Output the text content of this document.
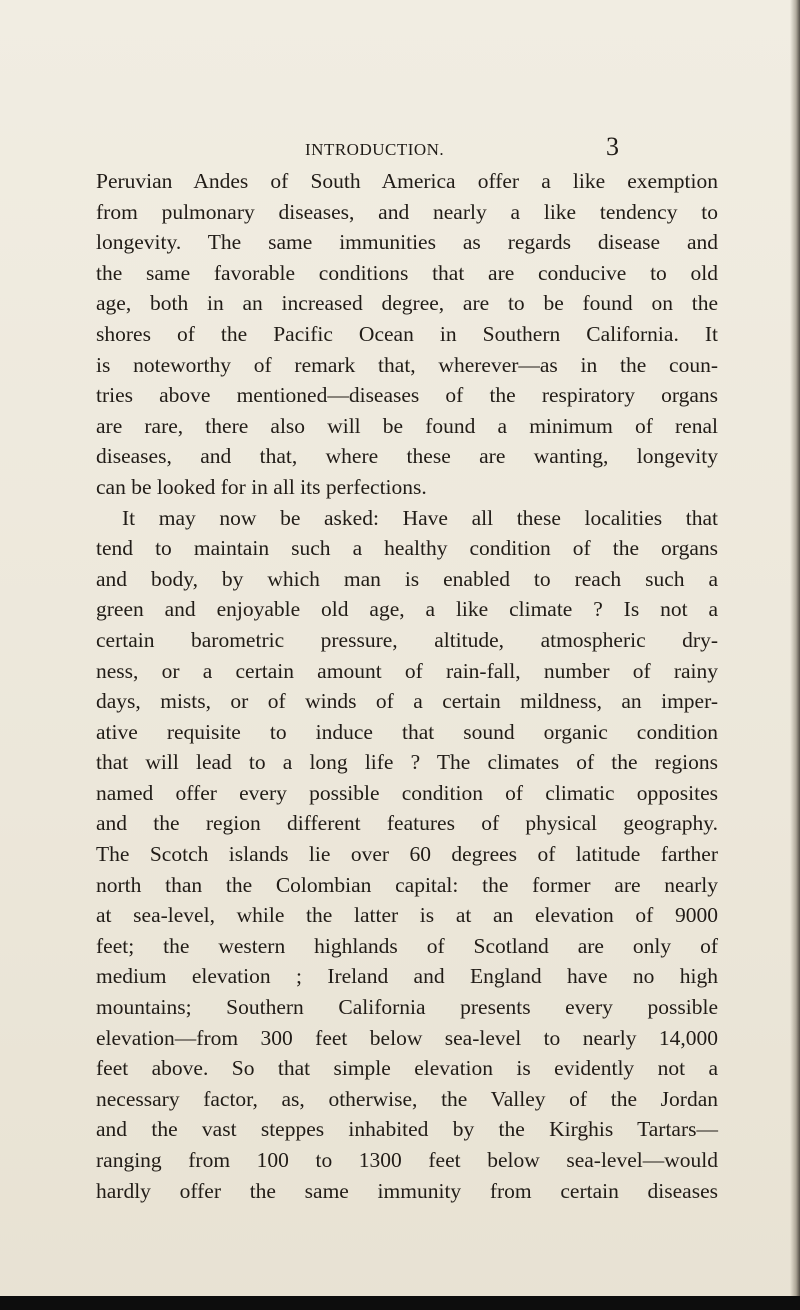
INTRODUCTION.	3
Peruvian Andes of South America offer a like exemption
from pulmonary diseases, and nearly a like tendency to
longevity. The same immunities as regards disease and
the same favorable conditions that are conducive to old
age, both in an increased degree, are to be found on the
shores of the Pacific Ocean in Southern California. It
is noteworthy of remark that, wherever—as in the coun-
tries above mentioned—diseases of the respiratory organs
are rare, there also will be found a minimum of renal
diseases, and that, where these are wanting, longevity
can be looked for in all its perfections.
It may now be asked: Have all these localities that
tend to maintain such a healthy condition of the organs
and body, by which man is enabled to reach such a
green and enjoyable old age, a like climate ? Is not a
certain barometric pressure, altitude, atmospheric dry-
ness, or a certain amount of rain-fall, number of rainy
days, mists, or of winds of a certain mildness, an imper-
ative requisite to induce that sound organic condition
that will lead to a long life ? The climates of the regions
named offer every possible condition of climatic opposites
and the region different features of physical geography.
The Scotch islands lie over 60 degrees of latitude farther
north than the Colombian capital: the former are nearly
at sea-level, while the latter is at an elevation of 9000
feet; the western highlands of Scotland are only of
medium elevation ; Ireland and England have no high
mountains; Southern California presents every possible
elevation—from 300 feet below sea-level to nearly 14,000
feet above. So that simple elevation is evidently not a
necessary factor, as, otherwise, the Valley of the Jordan
and the vast steppes inhabited by the Kirghis Tartars—
ranging from 100 to 1300 feet below sea-level—would
hardly offer the same immunity from certain diseases
